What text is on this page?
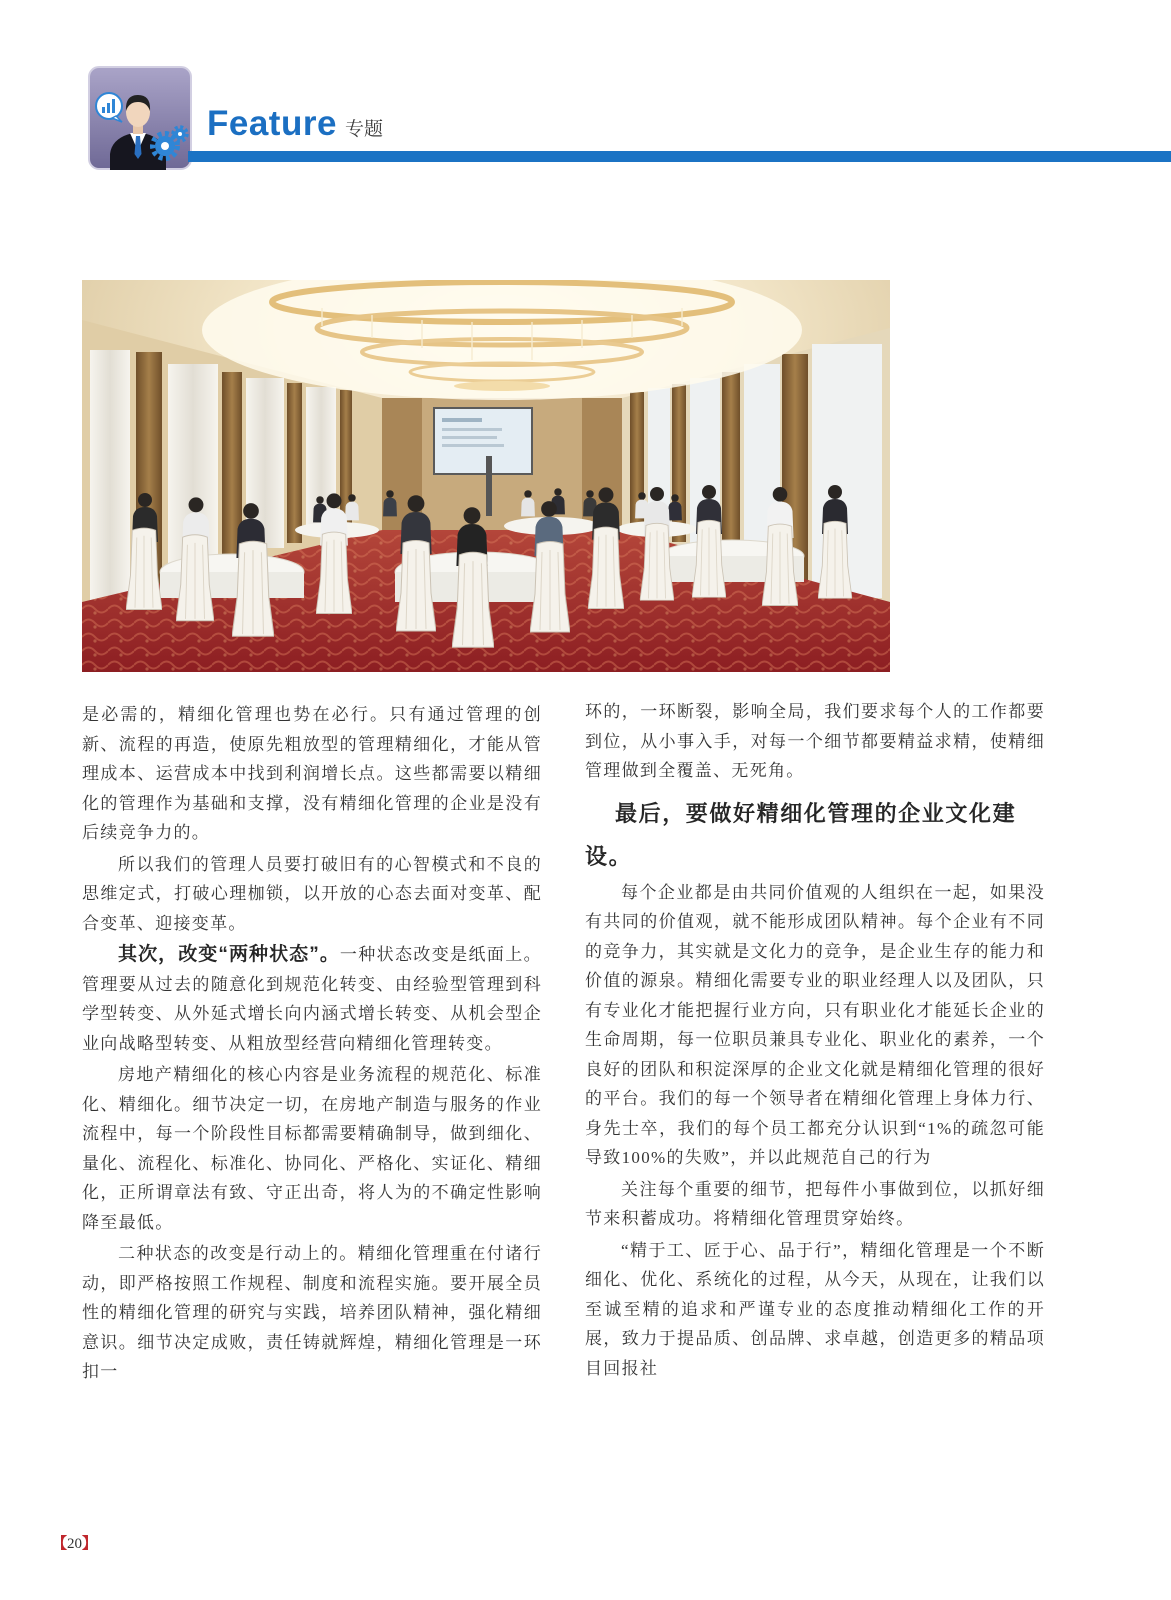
Feature 专题

是必需的，精细化管理也势在必行。只有通过管理的创新、流程的再造，使原先粗放型的管理精细化，才能从管理成本、运营成本中找到利润增长点。这些都需要以精细化的管理作为基础和支撑，没有精细化管理的企业是没有后续竞争力的。

所以我们的管理人员要打破旧有的心智模式和不良的思维定式，打破心理枷锁，以开放的心态去面对变革、配合变革、迎接变革。

其次，改变“两种状态”。一种状态改变是纸面上。管理要从过去的随意化到规范化转变、由经验型管理到科学型转变、从外延式增长向内涵式增长转变、从机会型企业向战略型转变、从粗放型经营向精细化管理转变。

房地产精细化的核心内容是业务流程的规范化、标准化、精细化。细节决定一切，在房地产制造与服务的作业流程中，每一个阶段性目标都需要精确制导，做到细化、量化、流程化、标准化、协同化、严格化、实证化、精细化，正所谓章法有致、守正出奇，将人为的不确定性影响降至最低。

二种状态的改变是行动上的。精细化管理重在付诸行动，即严格按照工作规程、制度和流程实施。要开展全员性的精细化管理的研究与实践，培养团队精神，强化精细意识。细节决定成败，责任铸就辉煌，精细化管理是一环扣一

环的，一环断裂，影响全局，我们要求每个人的工作都要到位，从小事入手，对每一个细节都要精益求精，使精细管理做到全覆盖、无死角。

最后，要做好精细化管理的企业文化建设。

每个企业都是由共同价值观的人组织在一起，如果没有共同的价值观，就不能形成团队精神。每个企业有不同的竞争力，其实就是文化力的竞争，是企业生存的能力和价值的源泉。精细化需要专业的职业经理人以及团队，只有专业化才能把握行业方向，只有职业化才能延长企业的生命周期，每一位职员兼具专业化、职业化的素养，一个良好的团队和积淀深厚的企业文化就是精细化管理的很好的平台。我们的每一个领导者在精细化管理上身体力行、身先士卒，我们的每个员工都充分认识到“1%的疏忽可能导致100%的失败”，并以此规范自己的行为

关注每个重要的细节，把每件小事做到位，以抓好细节来积蓄成功。将精细化管理贯穿始终。

“精于工、匠于心、品于行”，精细化管理是一个不断细化、优化、系统化的过程，从今天，从现在，让我们以至诚至精的追求和严谨专业的态度推动精细化工作的开展，致力于提品质、创品牌、求卓越，创造更多的精品项目回报社

【20】
